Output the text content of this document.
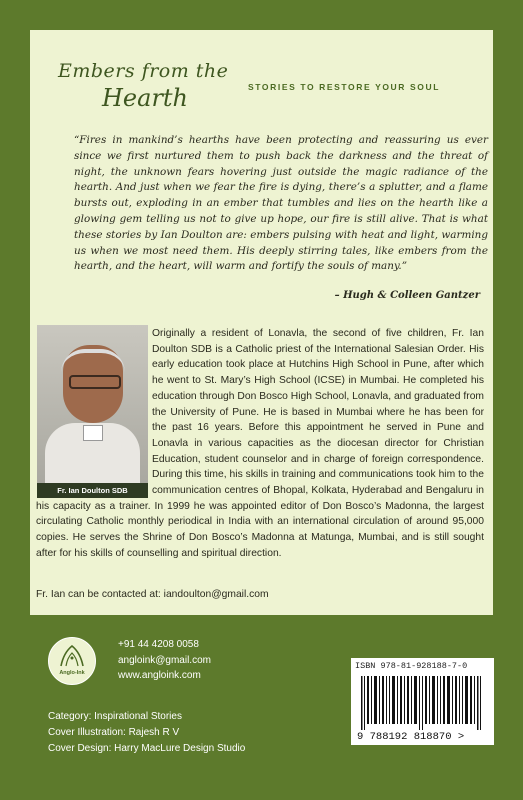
Embers from the
Hearth	STORIES TO RESTORE YOUR SOUL

“Fires in mankind’s hearths have been protecting and reassuring us ever since we first nurtured them to push back the darkness and the threat of night, the unknown fears hovering just outside the magic radiance of the hearth. And just when we fear the fire is dying, there’s a splutter, and a flame bursts out, exploding in an ember that tumbles and lies on the hearth like a glowing gem telling us not to give up hope, our fire is still alive. That is what these stories by Ian Doulton are: embers pulsing with heat and light, warming us when we most need them. His deeply stirring tales, like embers from the hearth, and the heart, will warm and fortify the souls of many.”

– Hugh & Colleen Gantzer

Originally a resident of Lonavla, the second of five children, Fr. Ian Doulton SDB is a Catholic priest of the International Salesian Order. His early education took place at Hutchins High School in Pune, after which he went to St. Mary’s High School (ICSE) in Mumbai. He completed his education through Don Bosco High School, Lonavla, and graduated from the University of Pune. He is based in Mumbai where he has been for the past 16 years. Before this appointment he served in Pune and Lonavla in various capacities as the diocesan director for Christian Education, student counselor and in charge of foreign correspondence. During this time, his skills in training and communications took him to the communication centres of Bhopal, Kolkata, Hyderabad and Bengaluru in his capacity as a trainer. In 1999 he was appointed editor of Don Bosco’s Madonna, the largest circulating Catholic monthly periodical in India with an international circulation of around 95,000 copies. He serves the Shrine of Don Bosco’s Madonna at Matunga, Mumbai, and is still sought after for his skills of counselling and spiritual direction.

Fr. Ian Doulton SDB
Fr. Ian can be contacted at: iandoulton@gmail.com
Anglo-Ink
+91 44 4208 0058
angloink@gmail.com
www.angloink.com
ISBN 978-81-928188-7-0
9 788192 818870 >
Category: Inspirational Stories
Cover Illustration: Rajesh R V
Cover Design: Harry MacLure Design Studio
